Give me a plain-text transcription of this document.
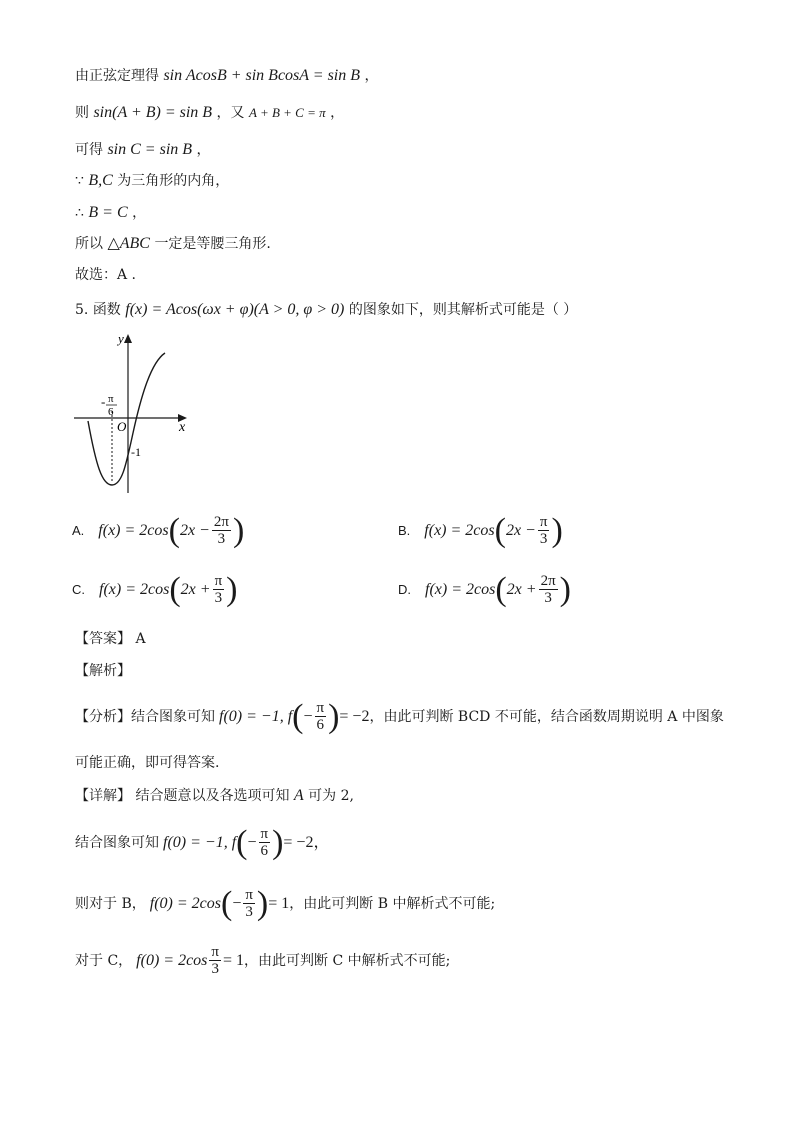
由正弦定理得 sin AcosB + sin BcosA = sin B ，
则 sin(A + B) = sin B ，又 A + B + C = π ，
可得 sin C = sin B ，
∵ B,C 为三角形的内角，
∴ B = C ，
所以 △ABC 一定是等腰三角形.
故选：A .
5. 函数 f(x) = Acos(ωx + φ)(A > 0, φ > 0) 的图象如下，则其解析式可能是（ ）
y
x
O
- π
6
-1
A. f(x) = 2cos ( $2x - \frac{2\pi}{3}$ )	B. f(x) = 2cos ( $2x - \frac{\pi}{3}$ )
C. f(x) = 2cos ( $2x + \frac{\pi}{3}$ )	D. f(x) = 2cos ( $2x + \frac{2\pi}{3}$ )
【答案】 A
【解析】
【分析】 结合图象可知 f(0) = −1, f ( − $\frac{\pi}{6}$ ) = −2 ，由此可判断 BCD 不可能，结合函数周期说明 A 中图象
可能正确，即可得答案.
【详解】 结合题意以及各选项可知 A 可为 2,
结合图象可知 f(0) = −1, f ( − $\frac{\pi}{6}$ ) = −2，
则对于 B， f(0) = 2cos ( − $\frac{\pi}{3}$ ) = 1 ，由此可判断 B 中解析式不可能;
对于 C， $f(0) = 2\cos \frac{\pi}{3} = 1$ ，由此可判断 C 中解析式不可能;
